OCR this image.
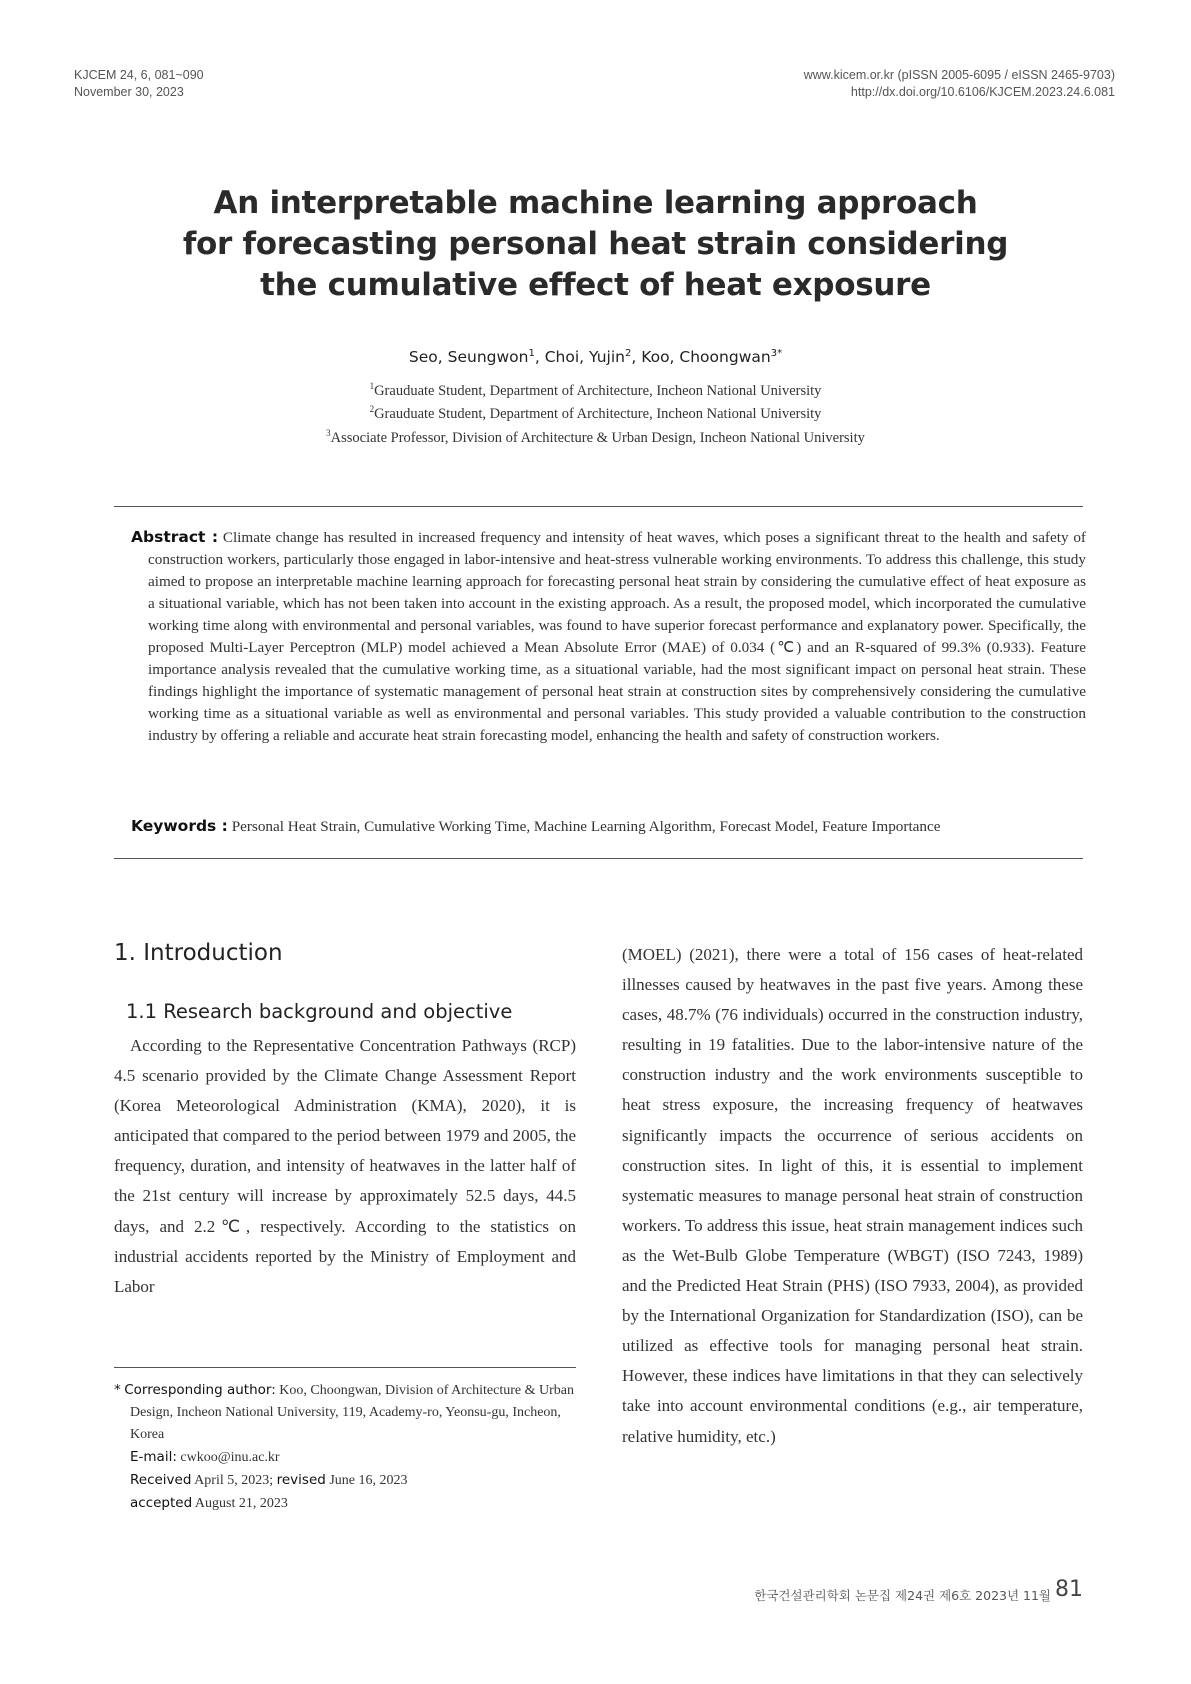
KJCEM 24, 6, 081~090
November 30, 2023
www.kicem.or.kr (pISSN 2005-6095 / eISSN 2465-9703)
http://dx.doi.org/10.6106/KJCEM.2023.24.6.081
An interpretable machine learning approach
for forecasting personal heat strain considering
the cumulative effect of heat exposure
Seo, Seungwon$^1$, Choi, Yujin$^2$, Koo, Choongwan$^{3*}$
$^1$Grauduate Student, Department of Architecture, Incheon National University
$^2$Grauduate Student, Department of Architecture, Incheon National University
$^3$Associate Professor, Division of Architecture & Urban Design, Incheon National University
Abstract : Climate change has resulted in increased frequency and intensity of heat waves, which poses a significant threat to the health and safety of construction workers, particularly those engaged in labor-intensive and heat-stress vulnerable working environments. To address this challenge, this study aimed to propose an interpretable machine learning approach for forecasting personal heat strain by considering the cumulative effect of heat exposure as a situational variable, which has not been taken into account in the existing approach. As a result, the proposed model, which incorporated the cumulative working time along with environmental and personal variables, was found to have superior forecast performance and explanatory power. Specifically, the proposed Multi-Layer Perceptron (MLP) model achieved a Mean Absolute Error (MAE) of 0.034 (℃) and an R-squared of 99.3% (0.933). Feature importance analysis revealed that the cumulative working time, as a situational variable, had the most significant impact on personal heat strain. These findings highlight the importance of systematic management of personal heat strain at construction sites by comprehensively considering the cumulative working time as a situational variable as well as environmental and personal variables. This study provided a valuable contribution to the construction industry by offering a reliable and accurate heat strain forecasting model, enhancing the health and safety of construction workers.
Keywords : Personal Heat Strain, Cumulative Working Time, Machine Learning Algorithm, Forecast Model, Feature Importance
1. Introduction
1.1 Research background and objective
According to the Representative Concentration Pathways (RCP) 4.5 scenario provided by the Climate Change Assessment Report (Korea Meteorological Administration (KMA), 2020), it is anticipated that compared to the period between 1979 and 2005, the frequency, duration, and intensity of heatwaves in the latter half of the 21st century will increase by approximately 52.5 days, 44.5 days, and 2.2℃, respectively. According to the statistics on industrial accidents reported by the Ministry of Employment and Labor
(MOEL) (2021), there were a total of 156 cases of heat-related illnesses caused by heatwaves in the past five years. Among these cases, 48.7% (76 individuals) occurred in the construction industry, resulting in 19 fatalities. Due to the labor-intensive nature of the construction industry and the work environments susceptible to heat stress exposure, the increasing frequency of heatwaves significantly impacts the occurrence of serious accidents on construction sites. In light of this, it is essential to implement systematic measures to manage personal heat strain of construction workers. To address this issue, heat strain management indices such as the Wet-Bulb Globe Temperature (WBGT) (ISO 7243, 1989) and the Predicted Heat Strain (PHS) (ISO 7933, 2004), as provided by the International Organization for Standardization (ISO), can be utilized as effective tools for managing personal heat strain. However, these indices have limitations in that they can selectively take into account environmental conditions (e.g., air temperature, relative humidity, etc.)
* Corresponding author: Koo, Choongwan, Division of Architecture & Urban Design, Incheon National University, 119, Academy-ro, Yeonsu-gu, Incheon, Korea
E-mail: cwkoo@inu.ac.kr
Received April 5, 2023; revised June 16, 2023
accepted August 21, 2023
한국건설관리학회 논문집 제24권 제6호 2023년 11월 81
